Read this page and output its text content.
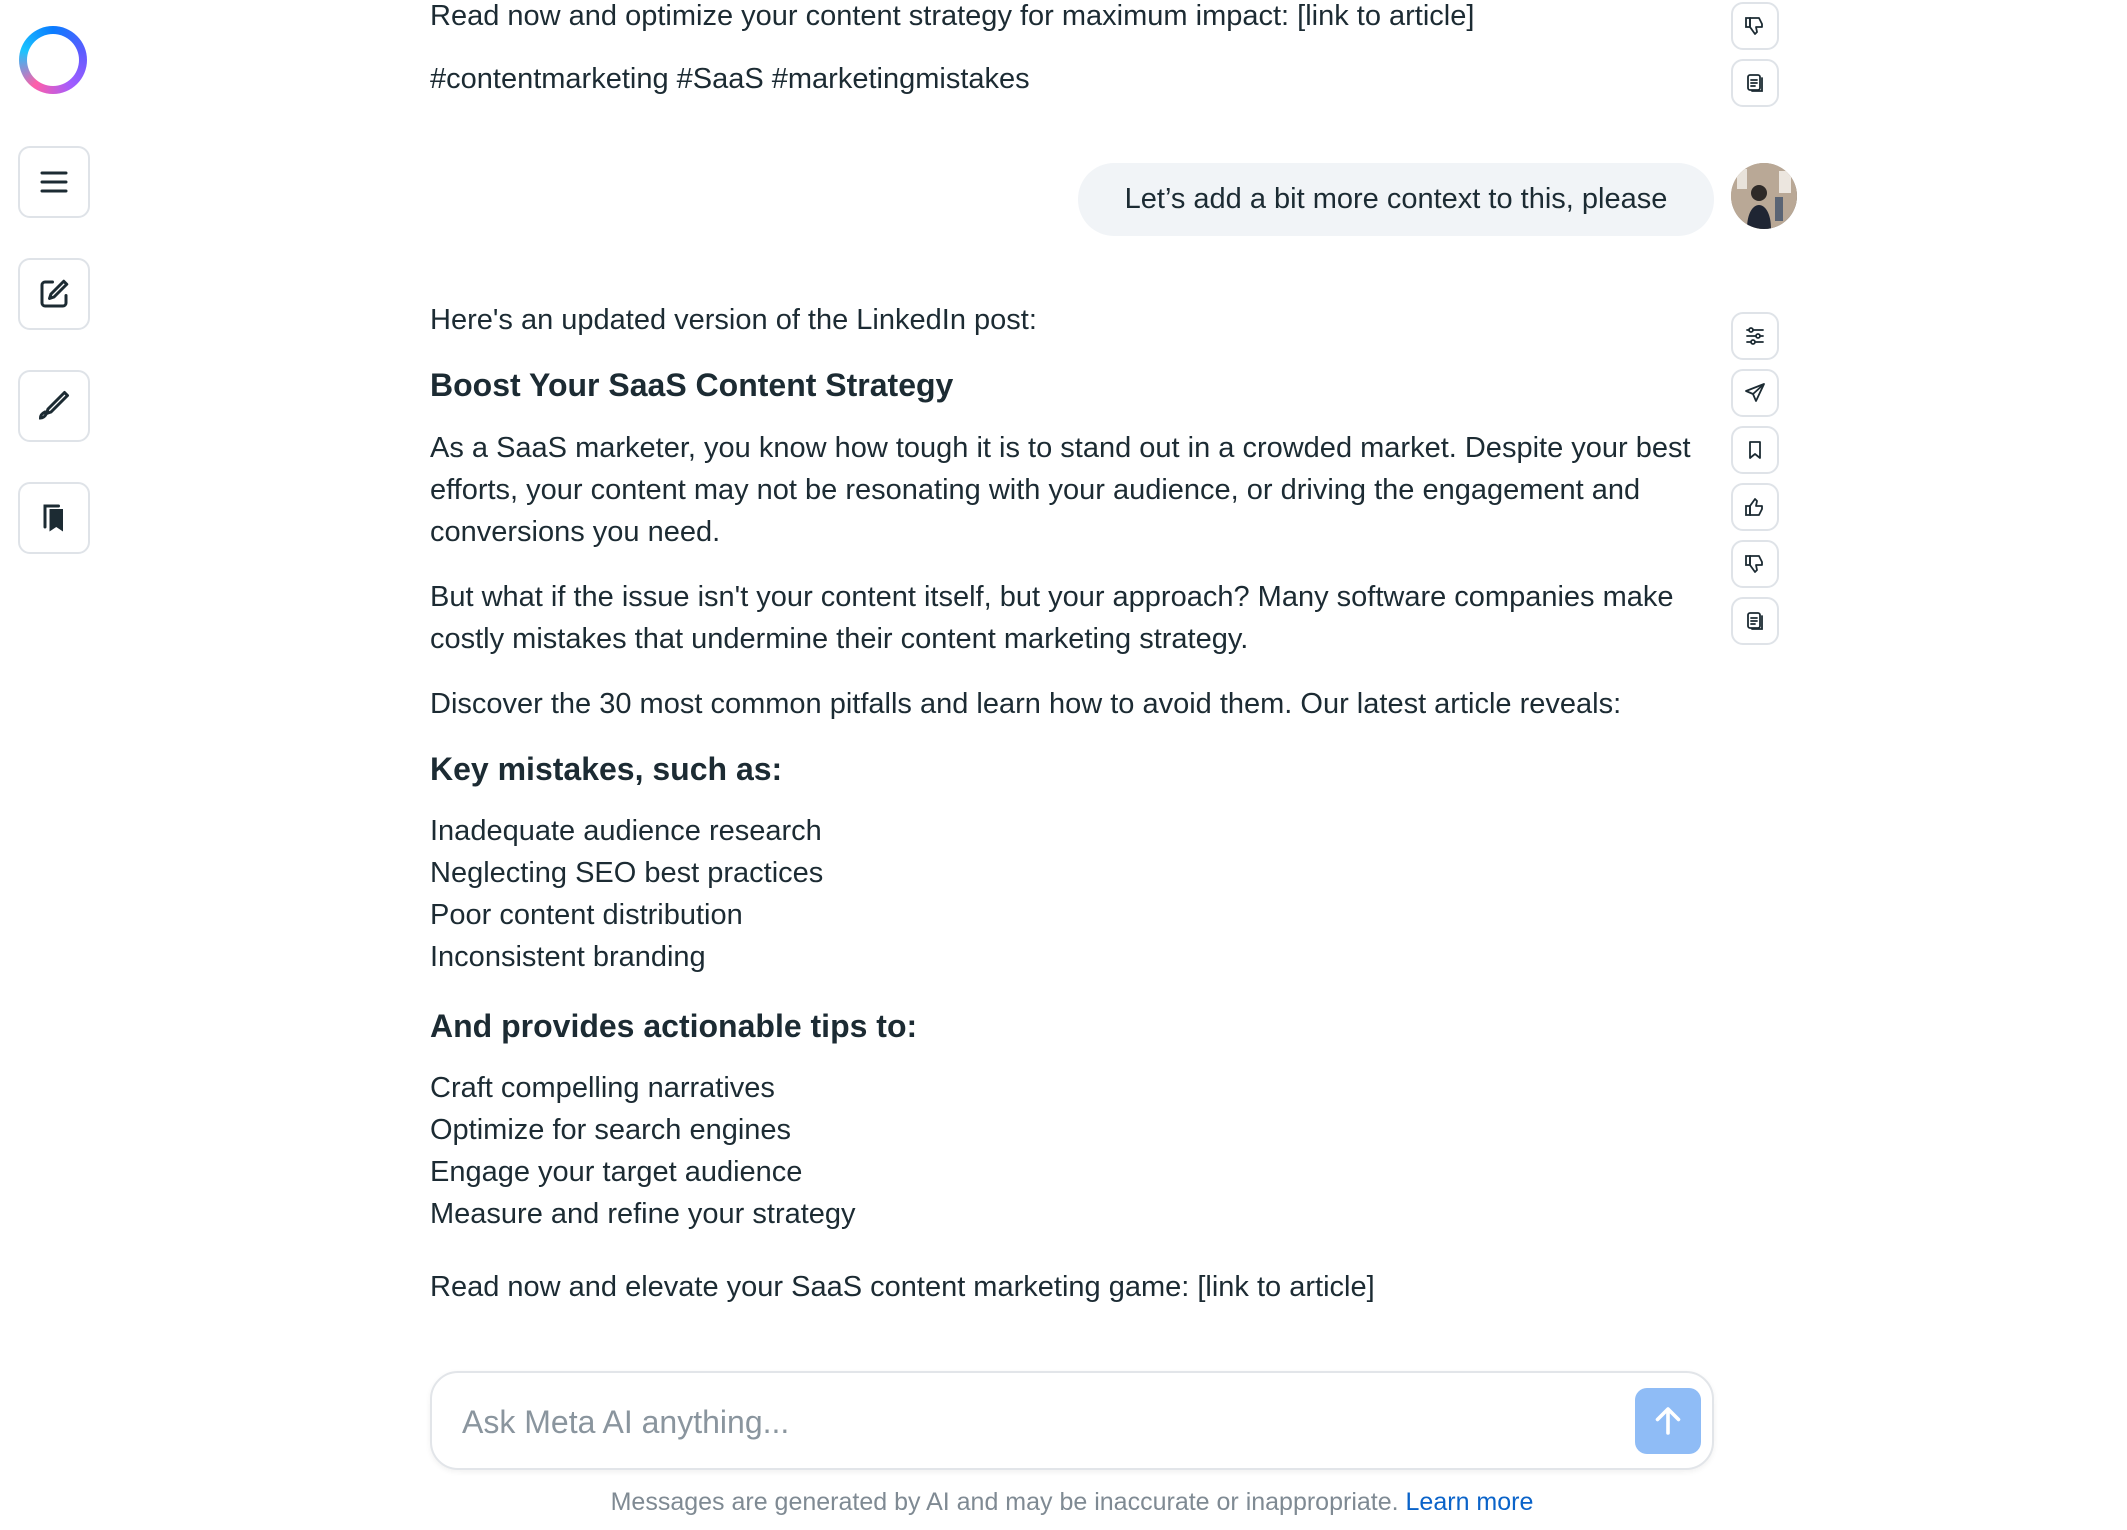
Read now and optimize your content strategy for maximum impact: [link to article]

#contentmarketing #SaaS #marketingmistakes

Here's an updated version of the LinkedIn post:

Boost Your SaaS Content Strategy

As a SaaS marketer, you know how tough it is to stand out in a crowded market. Despite your best efforts, your content may not be resonating with your audience, or driving the engagement and conversions you need.

But what if the issue isn't your content itself, but your approach? Many software companies make costly mistakes that undermine their content marketing strategy.

Discover the 30 most common pitfalls and learn how to avoid them. Our latest article reveals:

Key mistakes, such as:
Inadequate audience research
Neglecting SEO best practices
Poor content distribution
Inconsistent branding
And provides actionable tips to:
Craft compelling narratives
Optimize for search engines
Engage your target audience
Measure and refine your strategy

Read now and elevate your SaaS content marketing game: [link to article]

Let’s add a bit more context to this, please
Ask Meta AI anything...
Messages are generated by AI and may be inaccurate or inappropriate. Learn more
